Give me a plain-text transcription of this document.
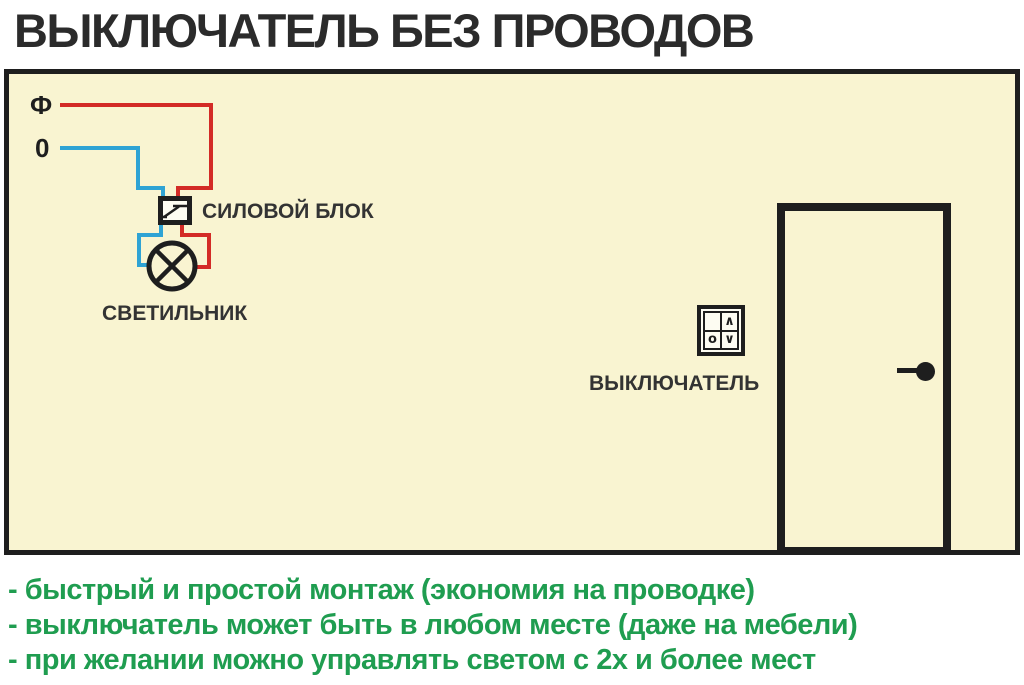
ВЫКЛЮЧАТЕЛЬ БЕЗ ПРОВОДОВ
Ф
0
СИЛОВОЙ БЛОК
СВЕТИЛЬНИК
ВЫКЛЮЧАТЕЛЬ
∧
o ∨
- быстрый и простой монтаж (экономия на проводке)
- выключатель может быть в любом месте (даже на мебели)
- при желании можно управлять светом с 2х и более мест
